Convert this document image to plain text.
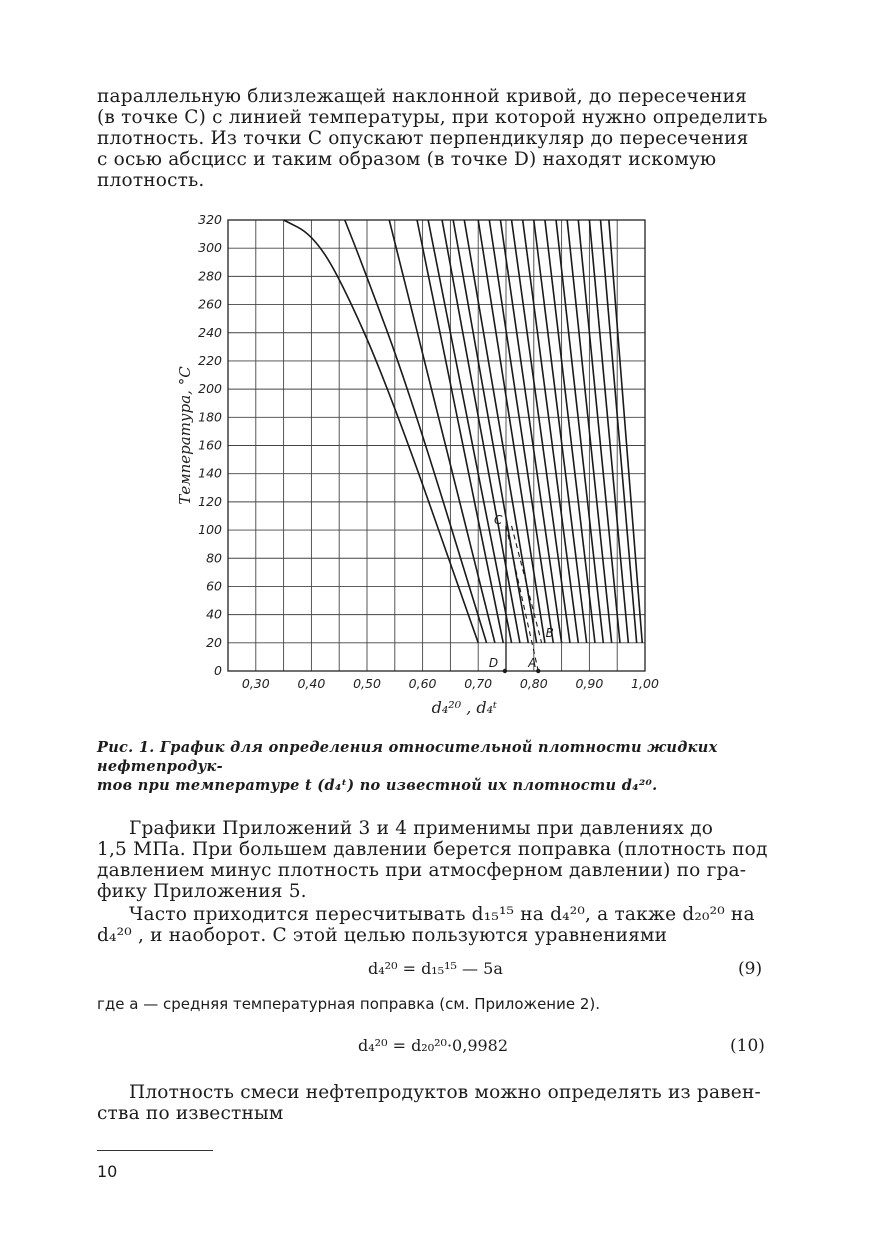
параллельную близлежащей наклонной кривой, до пересечения

(в точке C) с линией температуры, при которой нужно определить

плотность. Из точки C опускают перпендикуляр до пересечения

с осью абсцисс и таким образом (в точке D) находят искомую

плотность.

0
20
40
60
80
100
120
140
160
180
200
220
240
260
280
300
320
0,30 0,40 0,50 0,60 0,70 0,80 0,90 1,00
Температура, °С
d₄²⁰ , d₄ᵗ
C
D	A
B
Рис. 1. График для определения относительной плотности жидких нефтепродук-
тов при температуре t (d₄ᵗ) по известной их плотности d₄²⁰.

Графики Приложений 3 и 4 применимы при давлениях до

1,5 МПа. При большем давлении берется поправка (плотность под

давлением минус плотность при атмосферном давлении) по гра-

фику Приложения 5.

Часто приходится пересчитывать d₁₅¹⁵ на d₄²⁰, а также d₂₀²⁰ на

d₄²⁰ , и наоборот. С этой целью пользуются уравнениями

d₄²⁰ = d₁₅¹⁵ — 5a	(9)
где a — средняя температурная поправка (см. Приложение 2).
d₄²⁰ = d₂₀²⁰·0,9982	(10)

Плотность смеси нефтепродуктов можно определять из равен-

ства по известным

10
